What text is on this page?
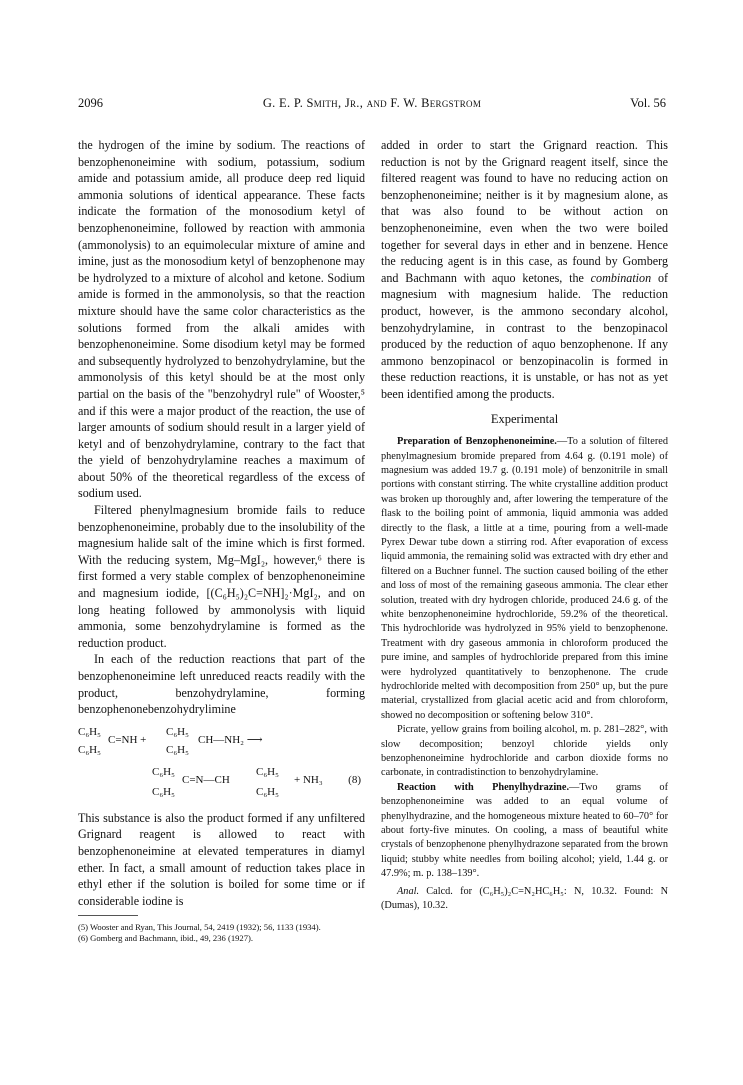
2096	G. E. P. Smith, Jr., and F. W. Bergstrom	Vol. 56

the hydrogen of the imine by sodium. The reactions of benzophenoneimine with sodium, potassium, sodium amide and potassium amide, all produce deep red liquid ammonia solutions of identical appearance. These facts indicate the formation of the monosodium ketyl of benzophenoneimine, followed by reaction with ammonia (ammonolysis) to an equimolecular mixture of amine and imine, just as the monosodium ketyl of benzophenone may be hydrolyzed to a mixture of alcohol and ketone. Sodium amide is formed in the ammonolysis, so that the reaction mixture should have the same color characteristics as the solutions formed from the alkali amides with benzophenoneimine. Some disodium ketyl may be formed and subsequently hydrolyzed to benzohydrylamine, but the ammonolysis of this ketyl should be at the most only partial on the basis of the "benzohydryl rule" of Wooster,⁵ and if this were a major product of the reaction, the use of larger amounts of sodium should result in a larger yield of ketyl and of benzohydrylamine, contrary to the fact that the yield of benzohydrylamine reaches a maximum of about 50% of the theoretical regardless of the excess of sodium used.

Filtered phenylmagnesium bromide fails to reduce benzophenoneimine, probably due to the insolubility of the magnesium halide salt of the imine which is first formed. With the reducing system, Mg–MgI₂, however,⁶ there is first formed a very stable complex of benzophenoneimine and magnesium iodide, [(C₆H₅)₂C=NH]₂·MgI₂, and on long heating followed by ammonolysis with liquid ammonia, some benzohydrylamine is formed as the reduction product.

In each of the reduction reactions that part of the benzophenoneimine left unreduced reacts readily with the product, benzohydrylamine, forming benzophenonebenzohydrylimine

C₆H₅
C=NH +
C₆H₅
C₆H₅
CH—NH₂ ⟶
C₆H₅
C₆H₅
C=N—CH
C₆H₅
C₆H₅
+ NH₃
C₆H₅
(8)

This substance is also the product formed if any unfiltered Grignard reagent is allowed to react with benzophenoneimine at elevated temperatures in diamyl ether. In fact, a small amount of reduction takes place in ethyl ether if the solution is boiled for some time or if considerable iodine is

(5) Wooster and Ryan, This Journal, 54, 2419 (1932); 56, 1133 (1934).
(6) Gomberg and Bachmann, ibid., 49, 236 (1927).

added in order to start the Grignard reaction. This reduction is not by the Grignard reagent itself, since the filtered reagent was found to have no reducing action on benzophenoneimine; neither is it by magnesium alone, as that was also found to be without action on benzophenoneimine, even when the two were boiled together for several days in ether and in benzene. Hence the reducing agent is in this case, as found by Gomberg and Bachmann with aquo ketones, the combination of magnesium with magnesium halide. The reduction product, however, is the ammono secondary alcohol, benzohydrylamine, in contrast to the benzopinacol produced by the reduction of aquo benzophenone. If any ammono benzopinacol or benzopinacolin is formed in these reduction reactions, it is unstable, or has not as yet been identified among the products.

Experimental

Preparation of Benzophenoneimine.—To a solution of filtered phenylmagnesium bromide prepared from 4.64 g. (0.191 mole) of magnesium was added 19.7 g. (0.191 mole) of benzonitrile in small portions with constant stirring. The white crystalline addition product was broken up thoroughly and, after lowering the temperature of the flask to the boiling point of ammonia, liquid ammonia was added directly to the flask, a little at a time, pouring from a well-made Pyrex Dewar tube down a stirring rod. After evaporation of excess liquid ammonia, the remaining solid was extracted with dry ether and filtered on a Buchner funnel. The suction caused boiling of the ether and loss of most of the remaining gaseous ammonia. The clear ether solution, treated with dry hydrogen chloride, produced 24.6 g. of the white benzophenoneimine hydrochloride, 59.2% of the theoretical. This hydrochloride was hydrolyzed in 95% yield to benzophenone. Treatment with dry gaseous ammonia in chloroform produced the pure imine, and samples of hydrochloride prepared from this imine were hydrolyzed quantitatively to benzophenone. The crude hydrochloride melted with decomposition from 250° up, but the pure material, crystallized from glacial acetic acid and from chloroform, showed no decomposition or softening below 310°.

Picrate, yellow grains from boiling alcohol, m. p. 281–282°, with slow decomposition; benzoyl chloride yields only benzophenoneimine hydrochloride and carbon dioxide forms no carbonate, in contradistinction to benzohydrylamine.

Reaction with Phenylhydrazine.—Two grams of benzophenoneimine was added to an equal volume of phenylhydrazine, and the homogeneous mixture heated to 60–70° for about forty-five minutes. On cooling, a mass of beautiful white crystals of benzophenone phenylhydrazone separated from the brown liquid; stubby white needles from boiling alcohol; yield, 1.44 g. or 47.9%; m. p. 138–139°.

Anal. Calcd. for (C₆H₅)₂C=N₂HC₆H₅: N, 10.32. Found: N (Dumas), 10.32.
